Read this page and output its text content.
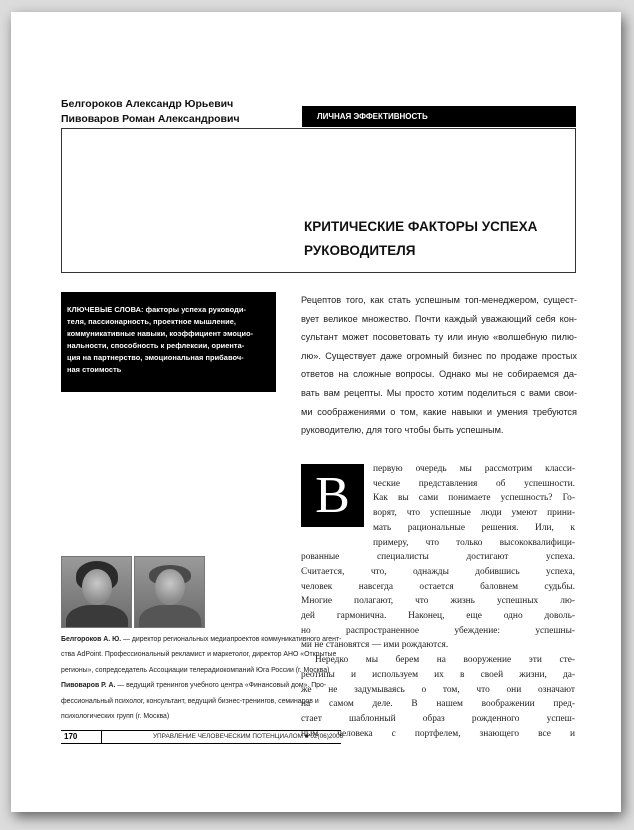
Белгороков Александр Юрьевич
Пивоваров Роман Александрович	ЛИЧНАЯ ЭФФЕКТИВНОСТЬ
КРИТИЧЕСКИЕ ФАКТОРЫ УСПЕХА
РУКОВОДИТЕЛЯ
КЛЮЧЕВЫЕ СЛОВА: факторы успеха руководи-
теля, пассионарность, проектное мышление,
коммуникативные навыки, коэффициент эмоцио-
нальности, способность к рефлексии, ориента-
ция на партнерство, эмоциональная прибавоч-
ная стоимость
Рецептов того, как стать успешным топ-менеджером, сущест-
вует великое множество. Почти каждый уважающий себя кон-
сультант может посоветовать ту или иную «волшебную пилю-
лю». Существует даже огромный бизнес по продаже простых
ответов на сложные вопросы. Однако мы не собираемся да-
вать вам рецепты. Мы просто хотим поделиться с вами свои-
ми соображениями о том, какие навыки и умения требуются
руководителю, для того чтобы быть успешным.
В	первую очередь мы рассмотрим класси-
ческие представления об успешности.
Как вы сами понимаете успешность? Го-
ворят, что успешные люди умеют прини-
мать рациональные решения. Или, к
примеру, что только высококвалифици-
рованные специалисты достигают успеха.
Считается, что, однажды добившись успеха,
человек навсегда остается баловнем судьбы.
Многие полагают, что жизнь успешных лю-
дей гармонична. Наконец, еще одно доволь-
но распространенное убеждение: успешны-
ми не становятся — ими рождаются.
Нередко мы берем на вооружение эти сте-
реотипы и используем их в своей жизни, да-
же не задумываясь о том, что они означают
на самом деле. В нашем воображении пред-
стает шаблонный образ рожденного успеш-
ным человека с портфелем, знающего все и
Белгороков А. Ю. — директор региональных медиапроектов коммуникативного агент-
ства AdPoint. Профессиональный рекламист и маркетолог, директор АНО «Открытые
регионы», сопредседатель Ассоциации телерадиокомпаний Юга России (г. Москва)
Пивоваров Р. А. — ведущий тренингов учебного центра «Финансовый дом». Про-
фессиональный психолог, консультант, ведущий бизнес-тренингов, семинаров и
психологических групп (г. Москва)
170	УПРАВЛЕНИЕ ЧЕЛОВЕЧЕСКИМ ПОТЕНЦИАЛОМ ■ 02(06)2006
